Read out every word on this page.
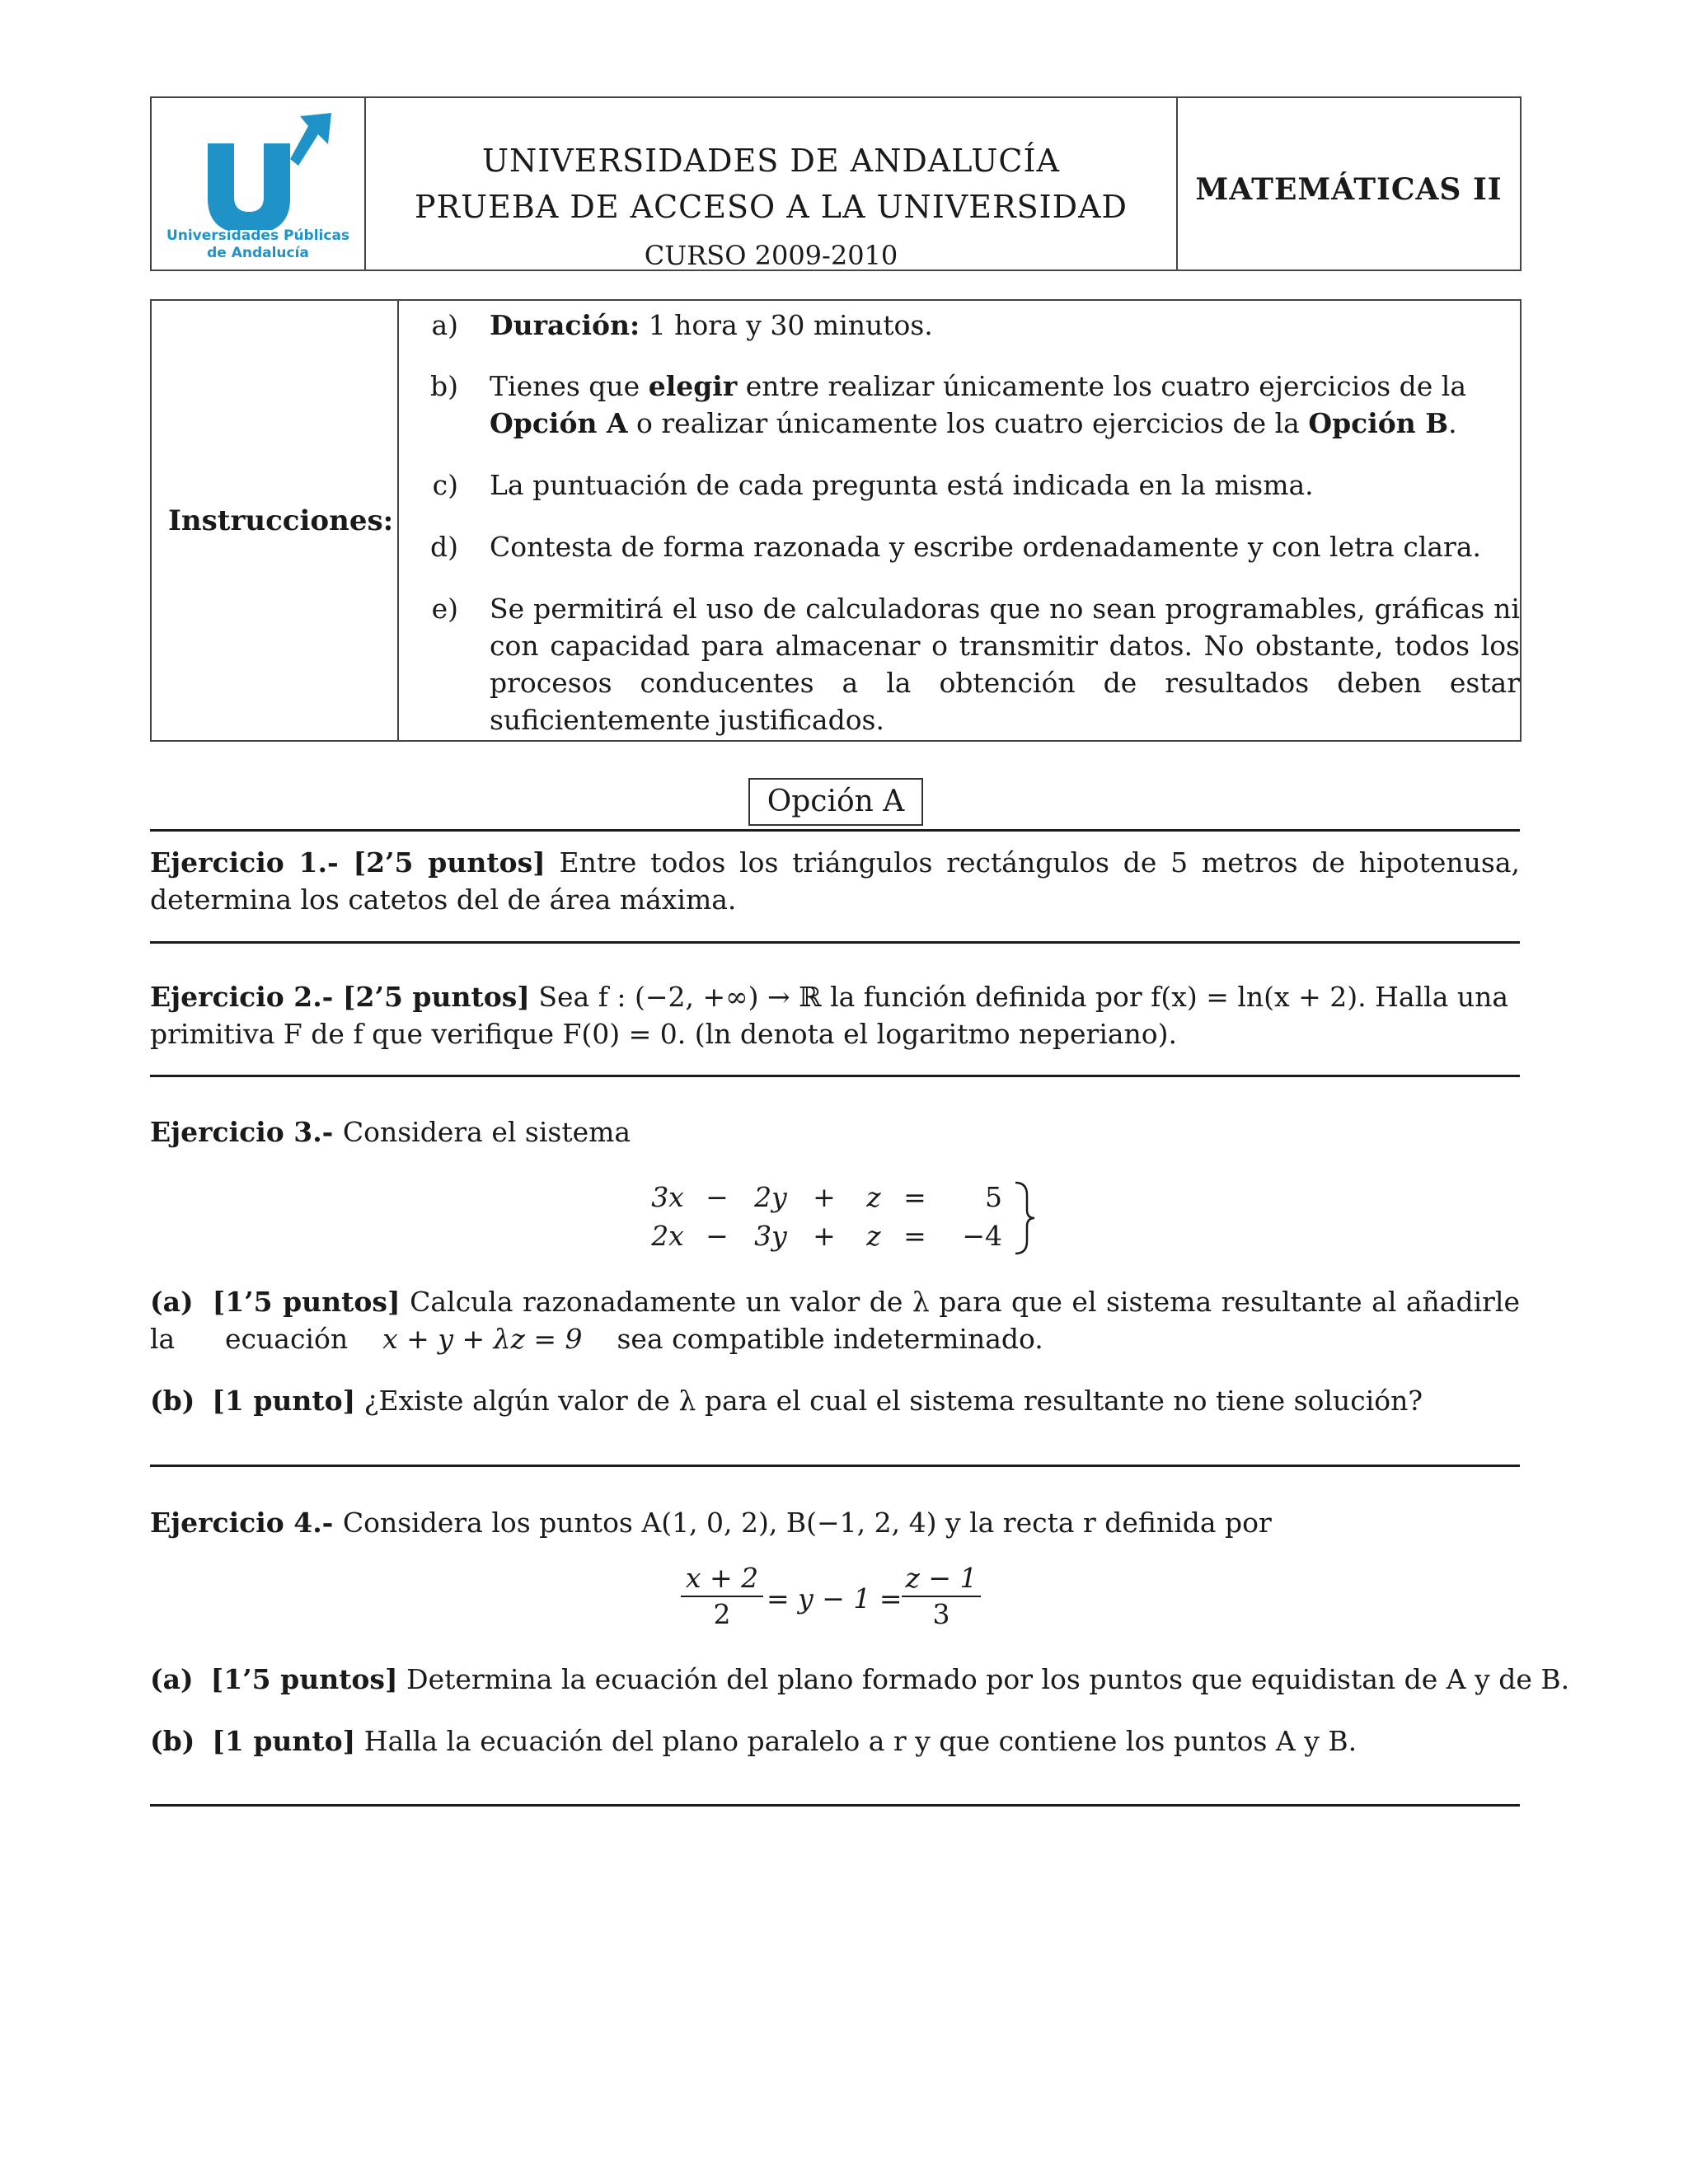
Universidades Públicas
de Andalucía
UNIVERSIDADES DE ANDALUCÍA
PRUEBA DE ACCESO A LA UNIVERSIDAD
CURSO 2009-2010
MATEMÁTICAS II
Instrucciones:
a) Duración: 1 hora y 30 minutos.
b) Tienes que elegir entre realizar únicamente los cuatro ejercicios de la Opción A o realizar únicamente los cuatro ejercicios de la Opción B.
c) La puntuación de cada pregunta está indicada en la misma.
d) Contesta de forma razonada y escribe ordenadamente y con letra clara.
e) Se permitirá el uso de calculadoras que no sean programables, gráficas ni con capacidad para almacenar o transmitir datos. No obstante, todos los procesos conducentes a la obtención de resultados deben estar suficientemente justificados.
Opción A
Ejercicio 1.- [2’5 puntos] Entre todos los triángulos rectángulos de 5 metros de hipotenusa, determina los catetos del de área máxima.
Ejercicio 2.- [2’5 puntos] Sea f : (−2, +∞) → ℝ la función definida por f(x) = ln(x + 2). Halla una
primitiva F de f que verifique F(0) = 0. (ln denota el logaritmo neperiano).
Ejercicio 3.- Considera el sistema
3x − 2y +	z =	5
2x − 3y +	z =	−4
(a) [1’5 puntos] Calcula razonadamente un valor de λ para que el sistema resultante al añadirle la	ecuación x + y + λz = 9 sea compatible indeterminado.
(b) [1 punto] ¿Existe algún valor de λ para el cual el sistema resultante no tiene solución?
Ejercicio 4.- Considera los puntos A(1, 0, 2), B(−1, 2, 4) y la recta r definida por
$\frac{x + 2}{2} = y - 1 = \frac{z - 1}{3}$
(a) [1’5 puntos] Determina la ecuación del plano formado por los puntos que equidistan de A y de B.
(b) [1 punto] Halla la ecuación del plano paralelo a r y que contiene los puntos A y B.
